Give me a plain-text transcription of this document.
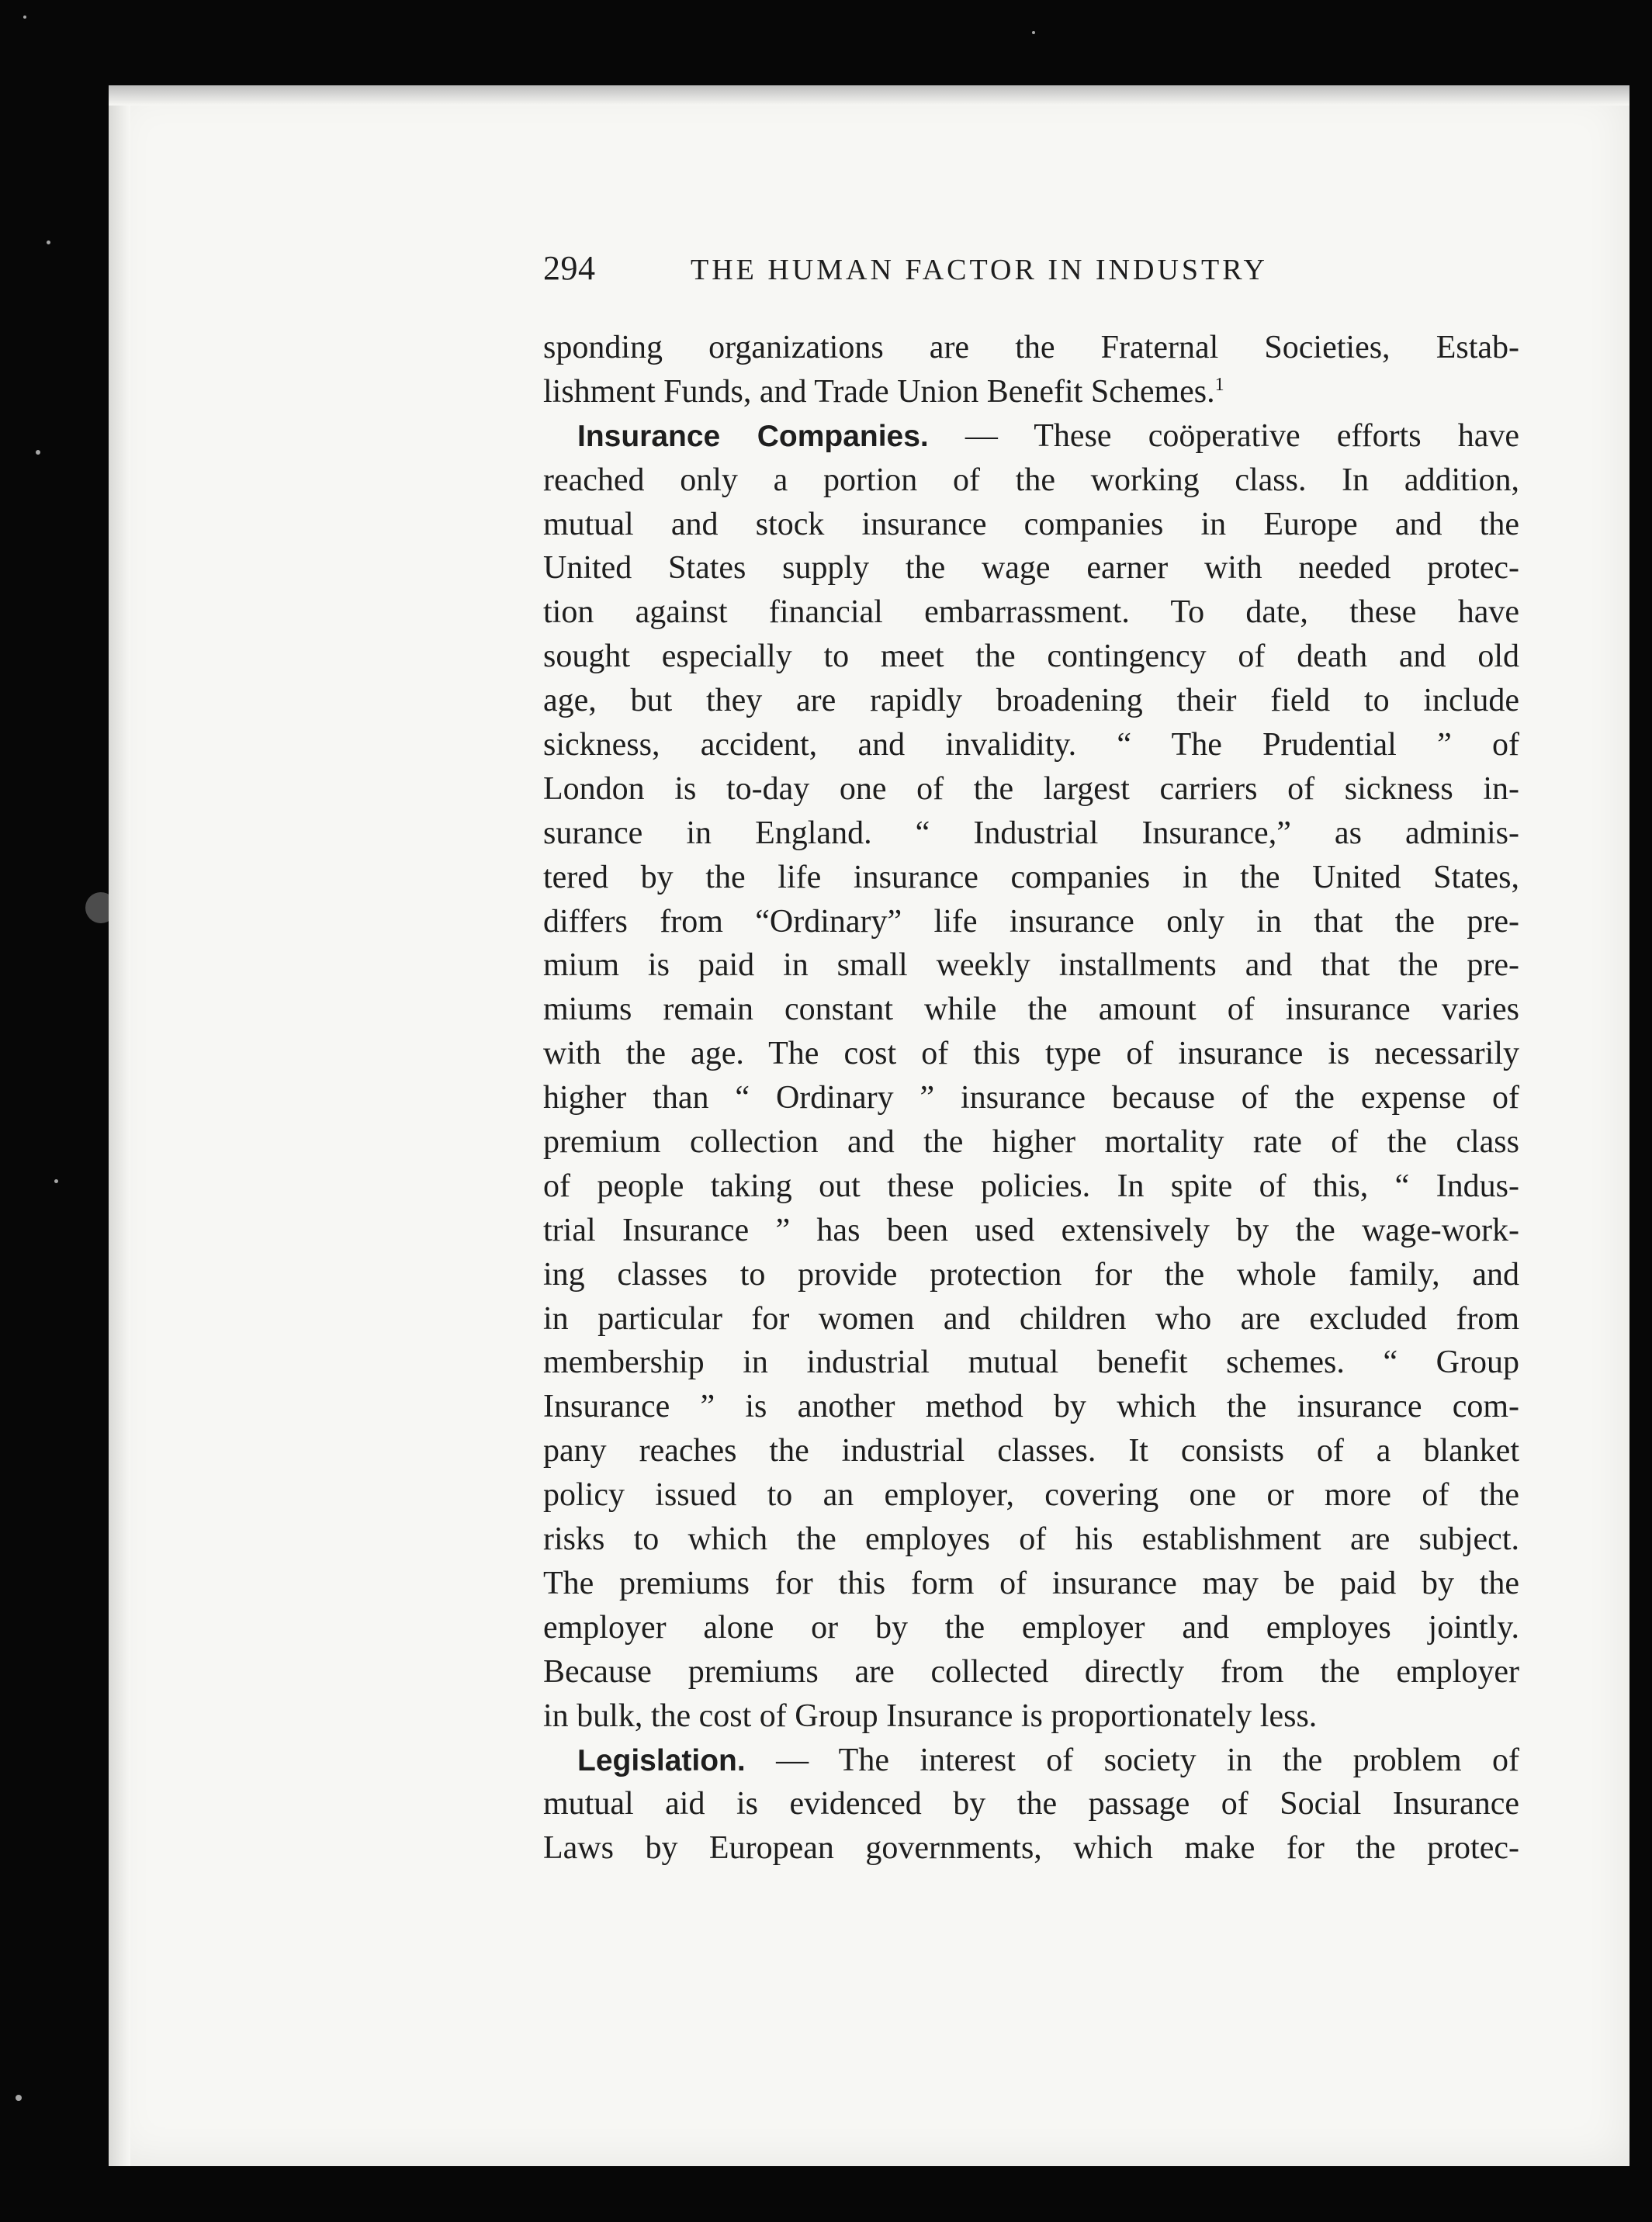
294	THE HUMAN FACTOR IN INDUSTRY
sponding organizations are the Fraternal Societies, Estab-
lishment Funds, and Trade Union Benefit Schemes.$^1$
Insurance Companies. — These coöperative efforts have
reached only a portion of the working class. In addition,
mutual and stock insurance companies in Europe and the
United States supply the wage earner with needed protec-
tion against financial embarrassment. To date, these have
sought especially to meet the contingency of death and old
age, but they are rapidly broadening their field to include
sickness, accident, and invalidity. “ The Prudential ” of
London is to-day one of the largest carriers of sickness in-
surance in England. “ Industrial Insurance,” as adminis-
tered by the life insurance companies in the United States,
differs from “Ordinary” life insurance only in that the pre-
mium is paid in small weekly installments and that the pre-
miums remain constant while the amount of insurance varies
with the age. The cost of this type of insurance is necessarily
higher than “ Ordinary ” insurance because of the expense of
premium collection and the higher mortality rate of the class
of people taking out these policies. In spite of this, “ Indus-
trial Insurance ” has been used extensively by the wage-work-
ing classes to provide protection for the whole family, and
in particular for women and children who are excluded from
membership in industrial mutual benefit schemes. “ Group
Insurance ” is another method by which the insurance com-
pany reaches the industrial classes. It consists of a blanket
policy issued to an employer, covering one or more of the
risks to which the employes of his establishment are subject.
The premiums for this form of insurance may be paid by the
employer alone or by the employer and employes jointly.
Because premiums are collected directly from the employer
in bulk, the cost of Group Insurance is proportionately less.
Legislation. — The interest of society in the problem of
mutual aid is evidenced by the passage of Social Insurance
Laws by European governments, which make for the protec-
